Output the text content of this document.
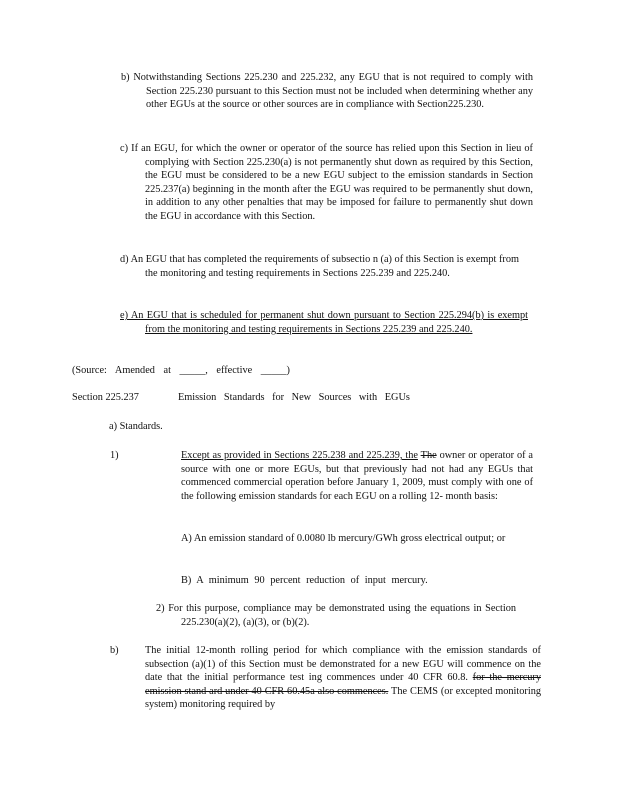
b) Notwithstanding Sections 225.230 and 225.232, any EGU that is not required to comply with Section 225.230 pursuant to this Section must not be included when determining whether any other EGUs at the source or other sources are in compliance with Section225.230.
c) If an EGU, for which the owner or operator of the source has relied upon this Section in lieu of complying with Section 225.230(a) is not permanently shut down as required by this Section, the EGU must be considered to be a new EGU subject to the emission standards in Section 225.237(a) beginning in the month after the EGU was required to be permanently shut down, in addition to any other penalties that may be imposed for failure to permanently shut down the EGU in accordance with this Section.
d) An EGU that has completed the requirements of subsectio n (a) of this Section is exempt from the monitoring and testing requirements in Sections 225.239 and 225.240.
e) An EGU that is scheduled for permanent shut down pursuant to Section 225.294(b) is exempt from the monitoring and testing requirements in Sections 225.239 and 225.240.
(Source: Amended at _____, effective _____)
Section 225.237	Emission Standards for New Sources with EGUs
a) Standards.
1)	Except as provided in Sections 225.238 and 225.239, the The owner or operator of a source with one or more EGUs, but that previously had not had any EGUs that commenced commercial operation before January 1, 2009, must comply with one of the following emission standards for each EGU on a rolling 12- month basis:
A) An emission standard of 0.0080 lb mercury/GWh gross electrical output; or
B) A minimum 90 percent reduction of input mercury.
2) For this purpose, compliance may be demonstrated using the equations in Section 225.230(a)(2), (a)(3), or (b)(2).
b)	The initial 12-month rolling period for which compliance with the emission standards of subsection (a)(1) of this Section must be demonstrated for a new EGU will commence on the date that the initial performance test ing commences under 40 CFR 60.8. for the mercury emission stand ard under 40 CFR 60.45a also commences. The CEMS (or excepted monitoring system) monitoring required by
